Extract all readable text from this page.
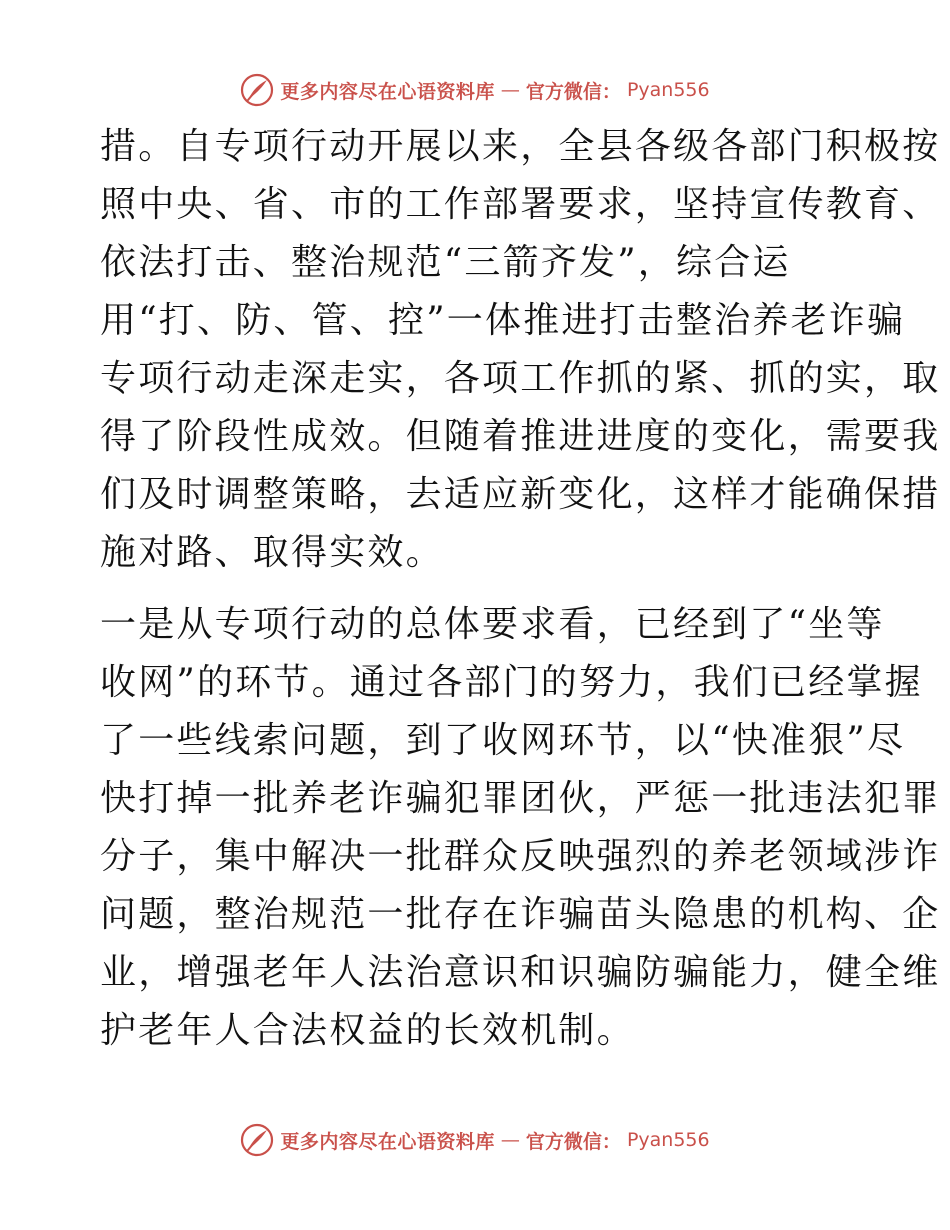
更多内容尽在心语资料库 — 官方微信： Pyan556
措。自专项行动开展以来，全县各级各部门积极按
照中央、省、市的工作部署要求，坚持宣传教育、
依法打击、整治规范“三箭齐发”，综合运
用“打、防、管、控”一体推进打击整治养老诈骗
专项行动走深走实，各项工作抓的紧、抓的实，取
得了阶段性成效。但随着推进进度的变化，需要我
们及时调整策略，去适应新变化，这样才能确保措
施对路、取得实效。
一是从专项行动的总体要求看，已经到了“坐等
收网”的环节。通过各部门的努力，我们已经掌握
了一些线索问题，到了收网环节，以“快准狠”尽
快打掉一批养老诈骗犯罪团伙，严惩一批违法犯罪
分子，集中解决一批群众反映强烈的养老领域涉诈
问题，整治规范一批存在诈骗苗头隐患的机构、企
业，增强老年人法治意识和识骗防骗能力，健全维
护老年人合法权益的长效机制。
更多内容尽在心语资料库 — 官方微信： Pyan556
